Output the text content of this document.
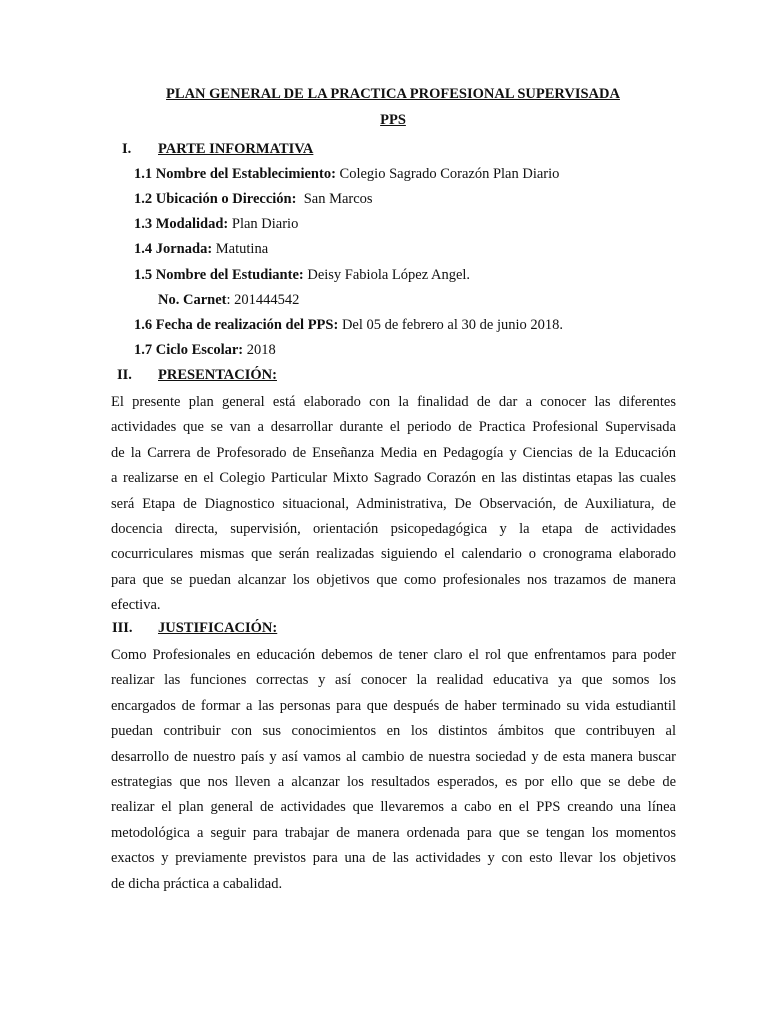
PLAN GENERAL DE LA PRACTICA PROFESIONAL SUPERVISADA
PPS
I. PARTE INFORMATIVA
1.1 Nombre del Establecimiento: Colegio Sagrado Corazón Plan Diario
1.2 Ubicación o Dirección:  San Marcos
1.3 Modalidad: Plan Diario
1.4 Jornada: Matutina
1.5 Nombre del Estudiante: Deisy Fabiola López Angel.
No. Carnet: 201444542
1.6 Fecha de realización del PPS: Del 05 de febrero al 30 de junio 2018.
1.7 Ciclo Escolar: 2018
II. PRESENTACIÓN:
El presente plan general está elaborado con la finalidad de dar a conocer las diferentes
actividades que se van a desarrollar durante el periodo de Practica Profesional Supervisada
de la Carrera de Profesorado de Enseñanza Media en Pedagogía y Ciencias de la Educación
a realizarse en el Colegio Particular Mixto Sagrado Corazón en las distintas etapas las cuales
será Etapa de Diagnostico situacional, Administrativa, De Observación, de Auxiliatura, de
docencia directa, supervisión, orientación psicopedagógica y la etapa de actividades
cocurriculares mismas que serán realizadas siguiendo el calendario o cronograma elaborado
para que se puedan alcanzar los objetivos que como profesionales nos trazamos de manera
efectiva.
III. JUSTIFICACIÓN:
Como Profesionales en educación debemos de tener claro el rol que enfrentamos para poder
realizar las funciones correctas y así conocer la realidad educativa ya que somos los
encargados de formar a las personas para que después de haber terminado su vida estudiantil
puedan contribuir con sus conocimientos en los distintos ámbitos que contribuyen al
desarrollo de nuestro país y así vamos al cambio de nuestra sociedad y de esta manera buscar
estrategias que nos lleven a alcanzar los resultados esperados, es por ello que se debe de
realizar el plan general de actividades que llevaremos a cabo en el PPS creando una línea
metodológica a seguir para trabajar de manera ordenada para que se tengan los momentos
exactos y previamente previstos para una de las actividades y con esto llevar los objetivos
de dicha práctica a cabalidad.
